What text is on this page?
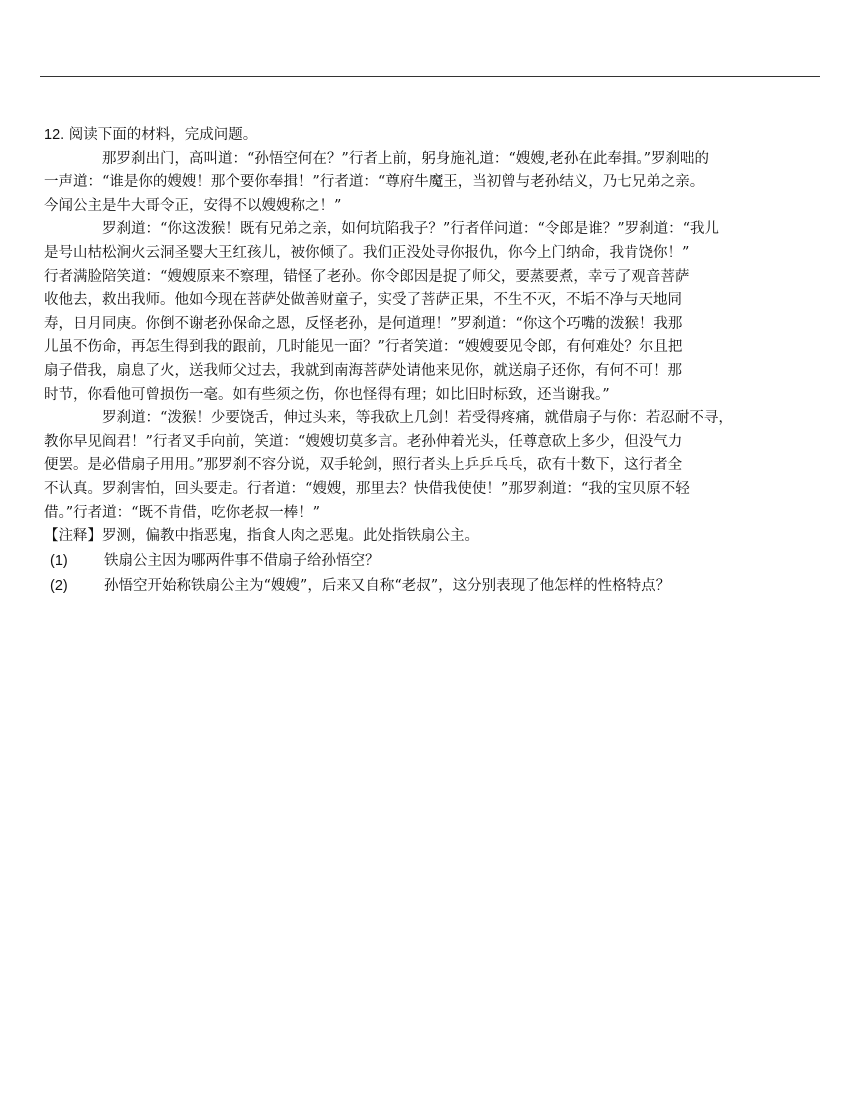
12. 阅读下面的材料，完成问题。
那罗刹出门，高叫道：“孙悟空何在？”行者上前，躬身施礼道：“嫂嫂,老孙在此奉揖。”罗刹咄的
一声道：“谁是你的嫂嫂！那个要你奉揖！”行者道：“尊府牛魔王，当初曾与老孙结义，乃七兄弟之亲。
今闻公主是牛大哥令正，安得不以嫂嫂称之！”
罗刹道：“你这泼猴！既有兄弟之亲，如何坑陷我子？”行者佯问道：“令郎是谁？”罗刹道：“我儿
是号山枯松涧火云洞圣婴大王红孩儿，被你倾了。我们正没处寻你报仇，你今上门纳命，我肯饶你！”
行者满脸陪笑道：“嫂嫂原来不察理，错怪了老孙。你令郎因是捉了师父，要蒸要煮，幸亏了观音菩萨
收他去，救出我师。他如今现在菩萨处做善财童子，实受了菩萨正果，不生不灭，不垢不净与天地同
寿，日月同庚。你倒不谢老孙保命之恩，反怪老孙，是何道理！”罗刹道：“你这个巧嘴的泼猴！我那
儿虽不伤命，再怎生得到我的跟前，几时能见一面？”行者笑道：“嫂嫂要见令郎，有何难处？尔且把
扇子借我，扇息了火，送我师父过去，我就到南海菩萨处请他来见你，就送扇子还你，有何不可！那
时节，你看他可曾损伤一毫。如有些须之伤，你也怪得有理；如比旧时标致，还当谢我。”
罗刹道：“泼猴！少要饶舌，伸过头来，等我砍上几剑！若受得疼痛，就借扇子与你：若忍耐不寻，
教你早见阎君！”行者叉手向前，笑道：“嫂嫂切莫多言。老孙伸着光头，任尊意砍上多少，但没气力
便罢。是必借扇子用用。”那罗刹不容分说，双手轮剑，照行者头上乒乒乓乓，砍有十数下，这行者全
不认真。罗刹害怕，回头要走。行者道：“嫂嫂，那里去？快借我使使！”那罗刹道：“我的宝贝原不轻
借。”行者道：“既不肯借，吃你老叔一棒！”
【注释】罗测，偏教中指恶鬼，指食人肉之恶鬼。此处指铁扇公主。
(1)	铁扇公主因为哪两件事不借扇子给孙悟空？
(2)	孙悟空开始称铁扇公主为“嫂嫂”，后来又自称“老叔”，这分别表现了他怎样的性格特点？
